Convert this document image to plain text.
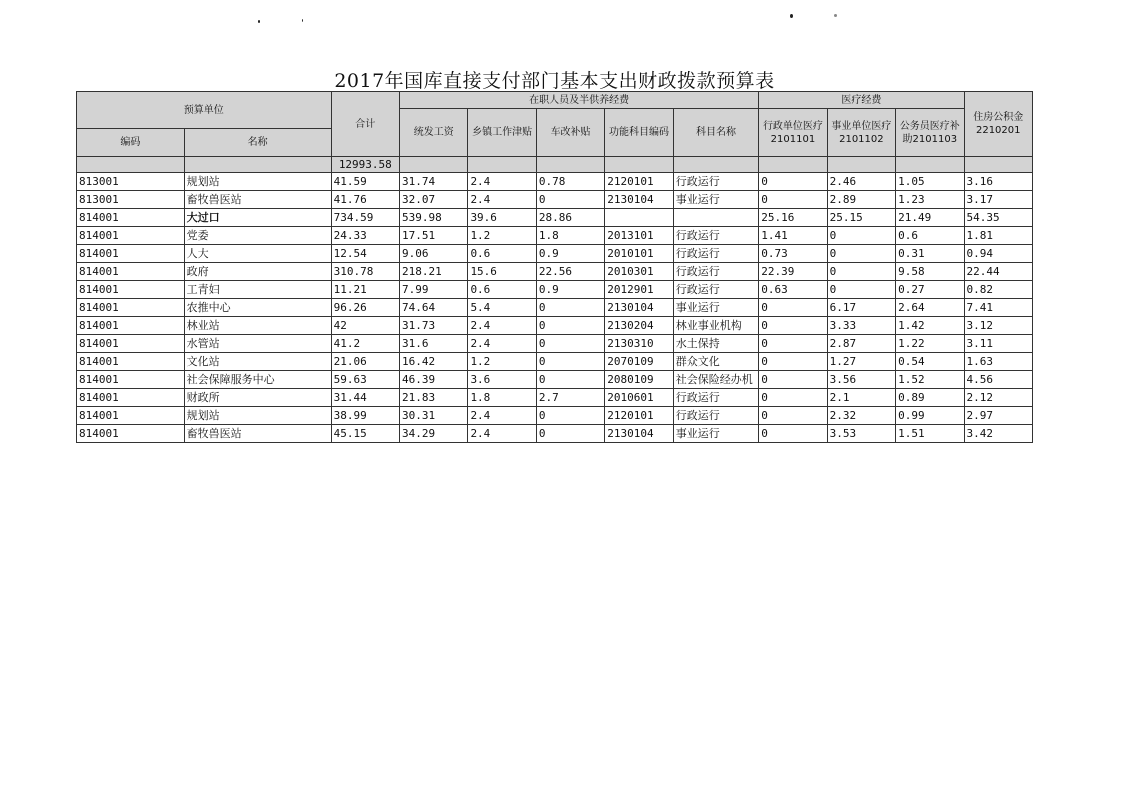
2017年国库直接支付部门基本支出财政拨款预算表
预算单位		合计	在职人员及半供养经费					医疗经费			住房公积金2210201
			统发工资	乡镇工作津贴	车改补贴	功能科目编码	科目名称	行政单位医疗2101101	事业单位医疗2101102	公务员医疗补助2101103	
编码	名称										
		12993.58									
813001	规划站	41.59	31.74	2.4	0.78	2120101	行政运行	0	2.46	1.05	3.16
813001	畜牧兽医站	41.76	32.07	2.4	0	2130104	事业运行	0	2.89	1.23	3.17
814001	大过口	734.59	539.98	39.6	28.86			25.16	25.15	21.49	54.35
814001	党委	24.33	17.51	1.2	1.8	2013101	行政运行	1.41	0	0.6	1.81
814001	人大	12.54	9.06	0.6	0.9	2010101	行政运行	0.73	0	0.31	0.94
814001	政府	310.78	218.21	15.6	22.56	2010301	行政运行	22.39	0	9.58	22.44
814001	工青妇	11.21	7.99	0.6	0.9	2012901	行政运行	0.63	0	0.27	0.82
814001	农推中心	96.26	74.64	5.4	0	2130104	事业运行	0	6.17	2.64	7.41
814001	林业站	42	31.73	2.4	0	2130204	林业事业机构	0	3.33	1.42	3.12
814001	水管站	41.2	31.6	2.4	0	2130310	水土保持	0	2.87	1.22	3.11
814001	文化站	21.06	16.42	1.2	0	2070109	群众文化	0	1.27	0.54	1.63
814001	社会保障服务中心	59.63	46.39	3.6	0	2080109	社会保险经办机	0	3.56	1.52	4.56
814001	财政所	31.44	21.83	1.8	2.7	2010601	行政运行	0	2.1	0.89	2.12
814001	规划站	38.99	30.31	2.4	0	2120101	行政运行	0	2.32	0.99	2.97
814001	畜牧兽医站	45.15	34.29	2.4	0	2130104	事业运行	0	3.53	1.51	3.42
